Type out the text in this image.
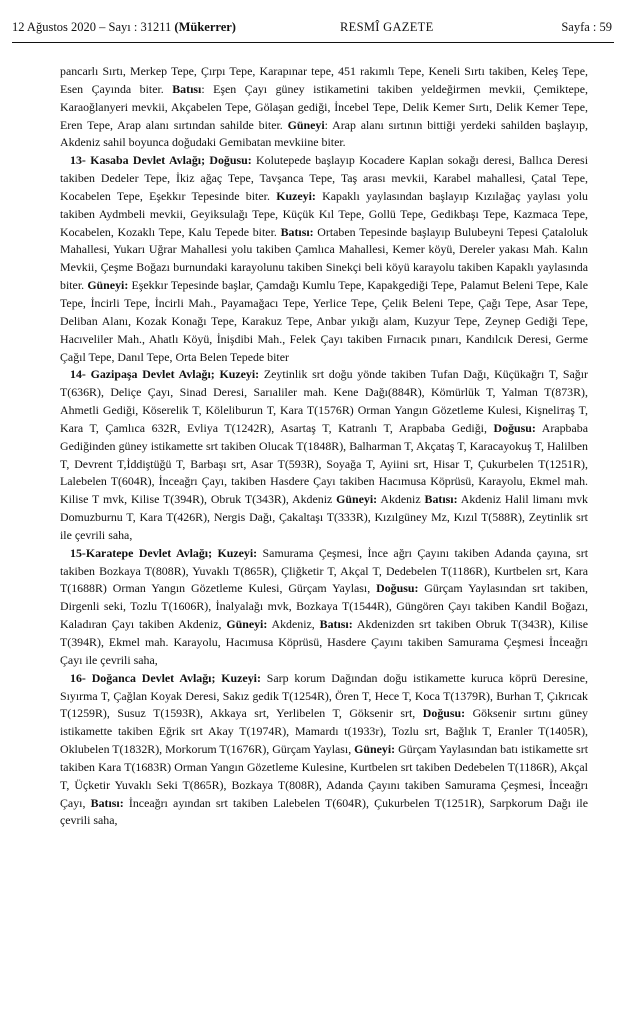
12 Ağustos 2020 – Sayı : 31211 (Mükerrer)	RESMÎ GAZETE	Sayfa : 59

pancarlı Sırtı, Merkep Tepe, Çırpı Tepe, Karapınar tepe, 451 rakımlı Tepe, Keneli Sırtı takiben, Keleş Tepe, Esen Çayında biter. Batısı: Eşen Çayı güney istikametini takiben yeldeğirmen mevkii, Çemiktepe, Karaoğlanyeri mevkii, Akçabelen Tepe, Gölaşan gediği, İncebel Tepe, Delik Kemer Sırtı, Delik Kemer Tepe, Eren Tepe, Arap alanı sırtından sahilde biter. Güneyi: Arap alanı sırtının bittiği yerdeki sahilden başlayıp, Akdeniz sahil boyunca doğudaki Gemibatan mevkiine biter.

13- Kasaba Devlet Avlağı; Doğusu: Kolutepede başlayıp Kocadere Kaplan sokağı deresi, Ballıca Deresi takiben Dedeler Tepe, İkiz ağaç Tepe, Tavşanca Tepe, Taş arası mevkii, Karabel mahallesi, Çatal Tepe, Kocabelen Tepe, Eşekkır Tepesinde biter. Kuzeyi: Kapaklı yaylasından başlayıp Kızılağaç yaylası yolu takiben Aydmbeli mevkii, Geyiksulağı Tepe, Küçük Kıl Tepe, Gollü Tepe, Gedikbaşı Tepe, Kazmaca Tepe, Kocabelen, Kozaklı Tepe, Kalu Tepede biter. Batısı: Ortaben Tepesinde başlayıp Bulubeyni Tepesi Çataloluk Mahallesi, Yukarı Uğrar Mahallesi yolu takiben Çamlıca Mahallesi, Kemer köyü, Dereler yakası Mah. Kalın Mevkii, Çeşme Boğazı burnundaki karayolunu takiben Sinekçi beli köyü karayolu takiben Kapaklı yaylasında biter. Güneyi: Eşekkır Tepesinde başlar, Çamdağı Kumlu Tepe, Kapakgediği Tepe, Palamut Beleni Tepe, Kale Tepe, İncirli Tepe, İncirli Mah., Payamağacı Tepe, Yerlice Tepe, Çelik Beleni Tepe, Çağı Tepe, Asar Tepe, Deliban Alanı, Kozak Konağı Tepe, Karakuz Tepe, Anbar yıkığı alam, Kuzyur Tepe, Zeynep Gediği Tepe, Hacıveliler Mah., Ahatlı Köyü, İnişdibi Mah., Felek Çayı takiben Fırnacık pınarı, Kandılcık Deresi, Germe Çağıl Tepe, Danıl Tepe, Orta Belen Tepede biter

14- Gazipaşa Devlet Avlağı; Kuzeyi: Zeytinlik srt doğu yönde takiben Tufan Dağı, Küçükağrı T, Sağır T(636R), Deliçe Çayı, Sinad Deresi, Sarıaliler mah. Kene Dağı(884R), Kömürlük T, Yalman T(873R), Ahmetli Gediği, Köserelik T, Köleliburun T, Kara T(1576R) Orman Yangın Gözetleme Kulesi, Kişneliтaş T, Kara T, Çamlıca 632R, Evliya T(1242R), Asartaş T, Katranlı T, Arapbaba Gediği, Doğusu: Arapbaba Gediğinden güney istikamette srt takiben Olucak T(1848R), Balharman T, Akçataş T, Karacayokuş T, Halilben T, Devrent T,İddiştüğü T, Barbaşı srt, Asar T(593R), Soyağa T, Ayiini srt, Hisar T, Çukurbelen T(1251R), Lalebelen T(604R), İnceağrı Çayı, takiben Hasdere Çayı takiben Hacımusa Köprüsü, Karayolu, Ekmel mah. Kilise T mvk, Kilise T(394R), Obruk T(343R), Akdeniz Güneyi: Akdeniz Batısı: Akdeniz Halil limanı mvk Domuzburnu T, Kara T(426R), Nergis Dağı, Çakaltaşı T(333R), Kızılgüney Mz, Kızıl T(588R), Zeytinlik srt ile çevrili saha,

15-Karatepe Devlet Avlağı; Kuzeyi: Samurama Çeşmesi, İnce ağrı Çayını takiben Adanda çayına, srt takiben Bozkaya T(808R), Yuvaklı T(865R), Çliğketir T, Akçal T, Dedebelen T(1186R), Kurtbelen srt, Kara T(1688R) Orman Yangın Gözetleme Kulesi, Gürçam Yaylası, Doğusu: Gürçam Yaylasından srt takiben, Dirgenli seki, Tozlu T(1606R), İnalyalağı mvk, Bozkaya T(1544R), Güngören Çayı takiben Kandil Boğazı, Kaladıran Çayı takiben Akdeniz, Güneyi: Akdeniz, Batısı: Akdenizden srt takiben Obruk T(343R), Kilise T(394R), Ekmel mah. Karayolu, Hacımusa Köprüsü, Hasdere Çayını takiben Samurama Çeşmesi İnceağrı Çayı ile çevrili saha,

16- Doğanca Devlet Avlağı; Kuzeyi: Sarp korum Dağından doğu istikamette kuruca köprü Deresine, Sıyırma T, Çağlan Koyak Deresi, Sakız gedik T(1254R), Ören T, Hece T, Koca T(1379R), Burhan T, Çıkrıcak T(1259R), Susuz T(1593R), Akkaya srt, Yerlibelen T, Göksenir srt, Doğusu: Göksenir sırtını güney istikamette takiben Eğrik srt Akay T(1974R), Mamardı t(1933r), Tozlu srt, Bağlık T, Eranler T(1405R), Oklubelen T(1832R), Morkorum T(1676R), Gürçam Yaylası, Güneyi: Gürçam Yaylasından batı istikamette srt takiben Kara T(1683R) Orman Yangın Gözetleme Kulesine, Kurtbelen srt takiben Dedebelen T(1186R), Akçal T, Üçketir Yuvaklı Seki T(865R), Bozkaya T(808R), Adanda Çayını takiben Samurama Çeşmesi, İnceağrı Çayı, Batısı: İnceağrı ayından srt takiben Lalebelen T(604R), Çukurbelen T(1251R), Sarpkorum Dağı ile çevrili saha,
